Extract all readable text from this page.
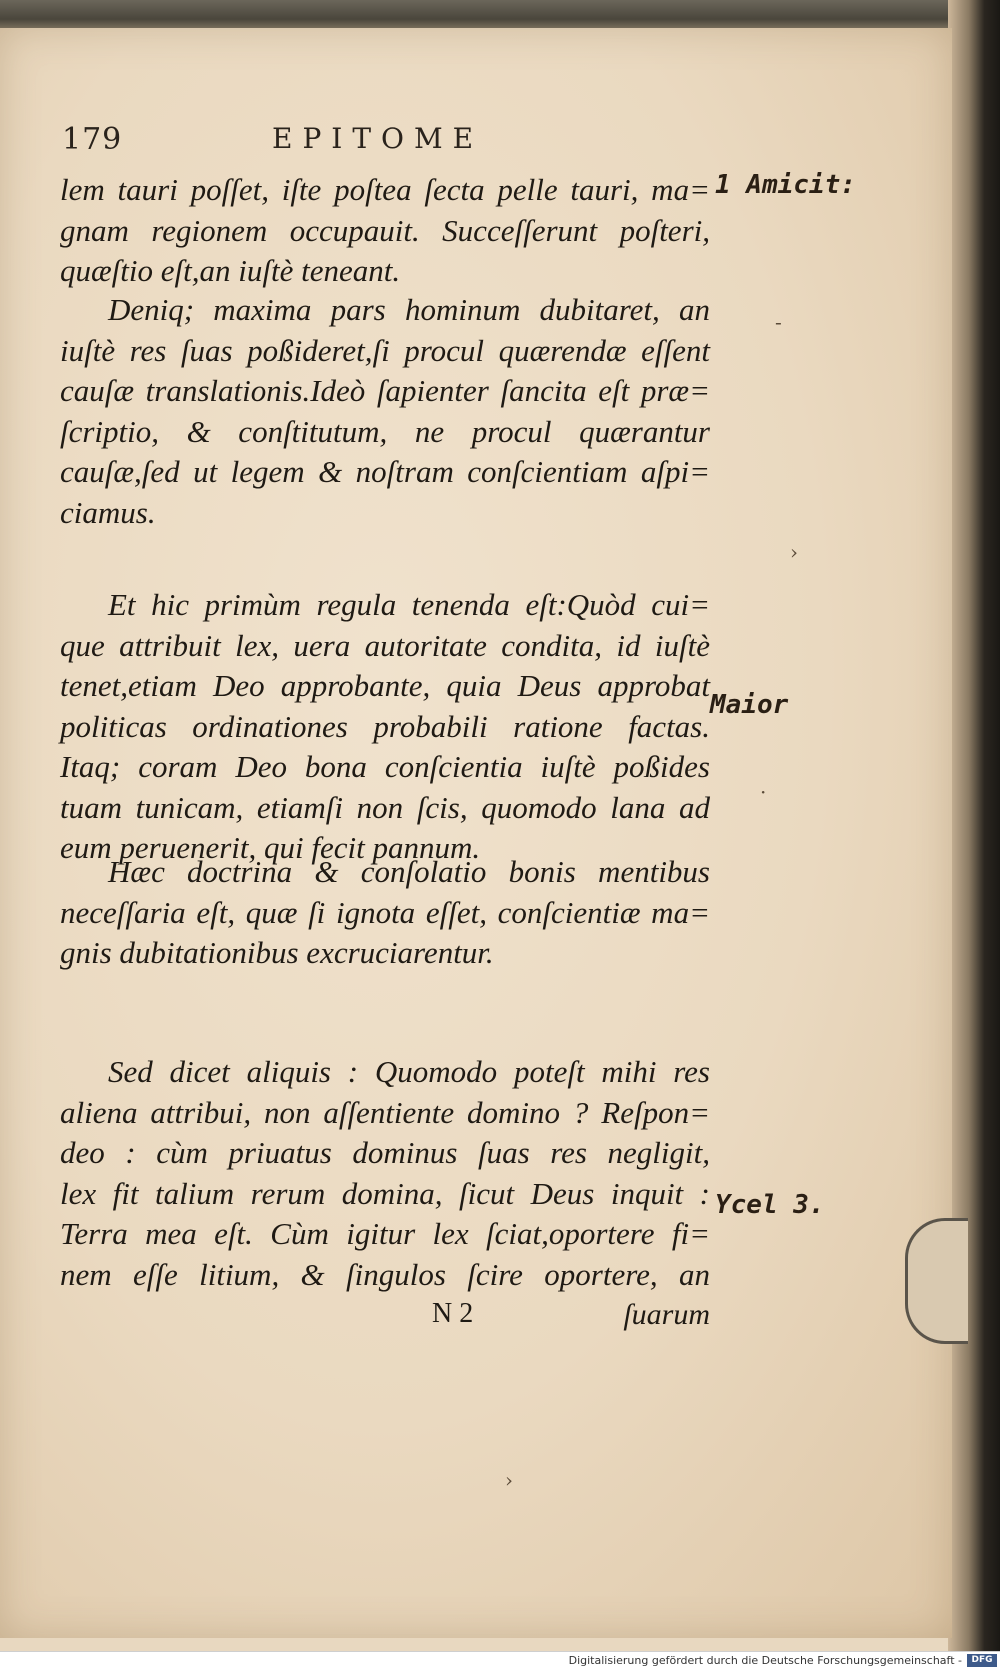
179	EPITOME
lem tauri poſſet, iſte poſtea ſecta pelle tauri, ma=
gnam regionem occupauit. Succeſſerunt poſteri,
quæſtio eſt,an iuſtè teneant.
Deniq; maxima pars hominum dubitaret, an
iuſtè res ſuas poßideret,ſi procul quærendæ eſſent
cauſæ translationis.Ideò ſapienter ſancita eſt præ=
ſcriptio, & conſtitutum, ne procul quærantur
cauſæ,ſed ut legem & noſtram conſcientiam aſpi=
ciamus.
Et hic primùm regula tenenda eſt:Quòd cui=
que attribuit lex, uera autoritate condita, id iuſtè
tenet,etiam Deo approbante, quia Deus approbat
politicas ordinationes probabili ratione factas.
Itaq; coram Deo bona conſcientia iuſtè poßides
tuam tunicam, etiamſi non ſcis, quomodo lana ad
eum peruenerit, qui fecit pannum.
Hæc doctrina & conſolatio bonis mentibus
neceſſaria eſt, quæ ſi ignota eſſet, conſcientiæ ma=
gnis dubitationibus excruciarentur.
Sed dicet aliquis : Quomodo poteſt mihi res
aliena attribui, non aſſentiente domino ? Reſpon=
deo : cùm priuatus dominus ſuas res negligit,
lex fit talium rerum domina, ſicut Deus inquit :
Terra mea eſt. Cùm igitur lex ſciat,oportere fi=
nem eſſe litium, & ſingulos ſcire oportere, an
N 2	ſuarum
1 Amicit:
Maior
Ycel 3.
-
›
·
›
Digitalisierung gefördert durch die Deutsche Forschungsgemeinschaft -	DFG
